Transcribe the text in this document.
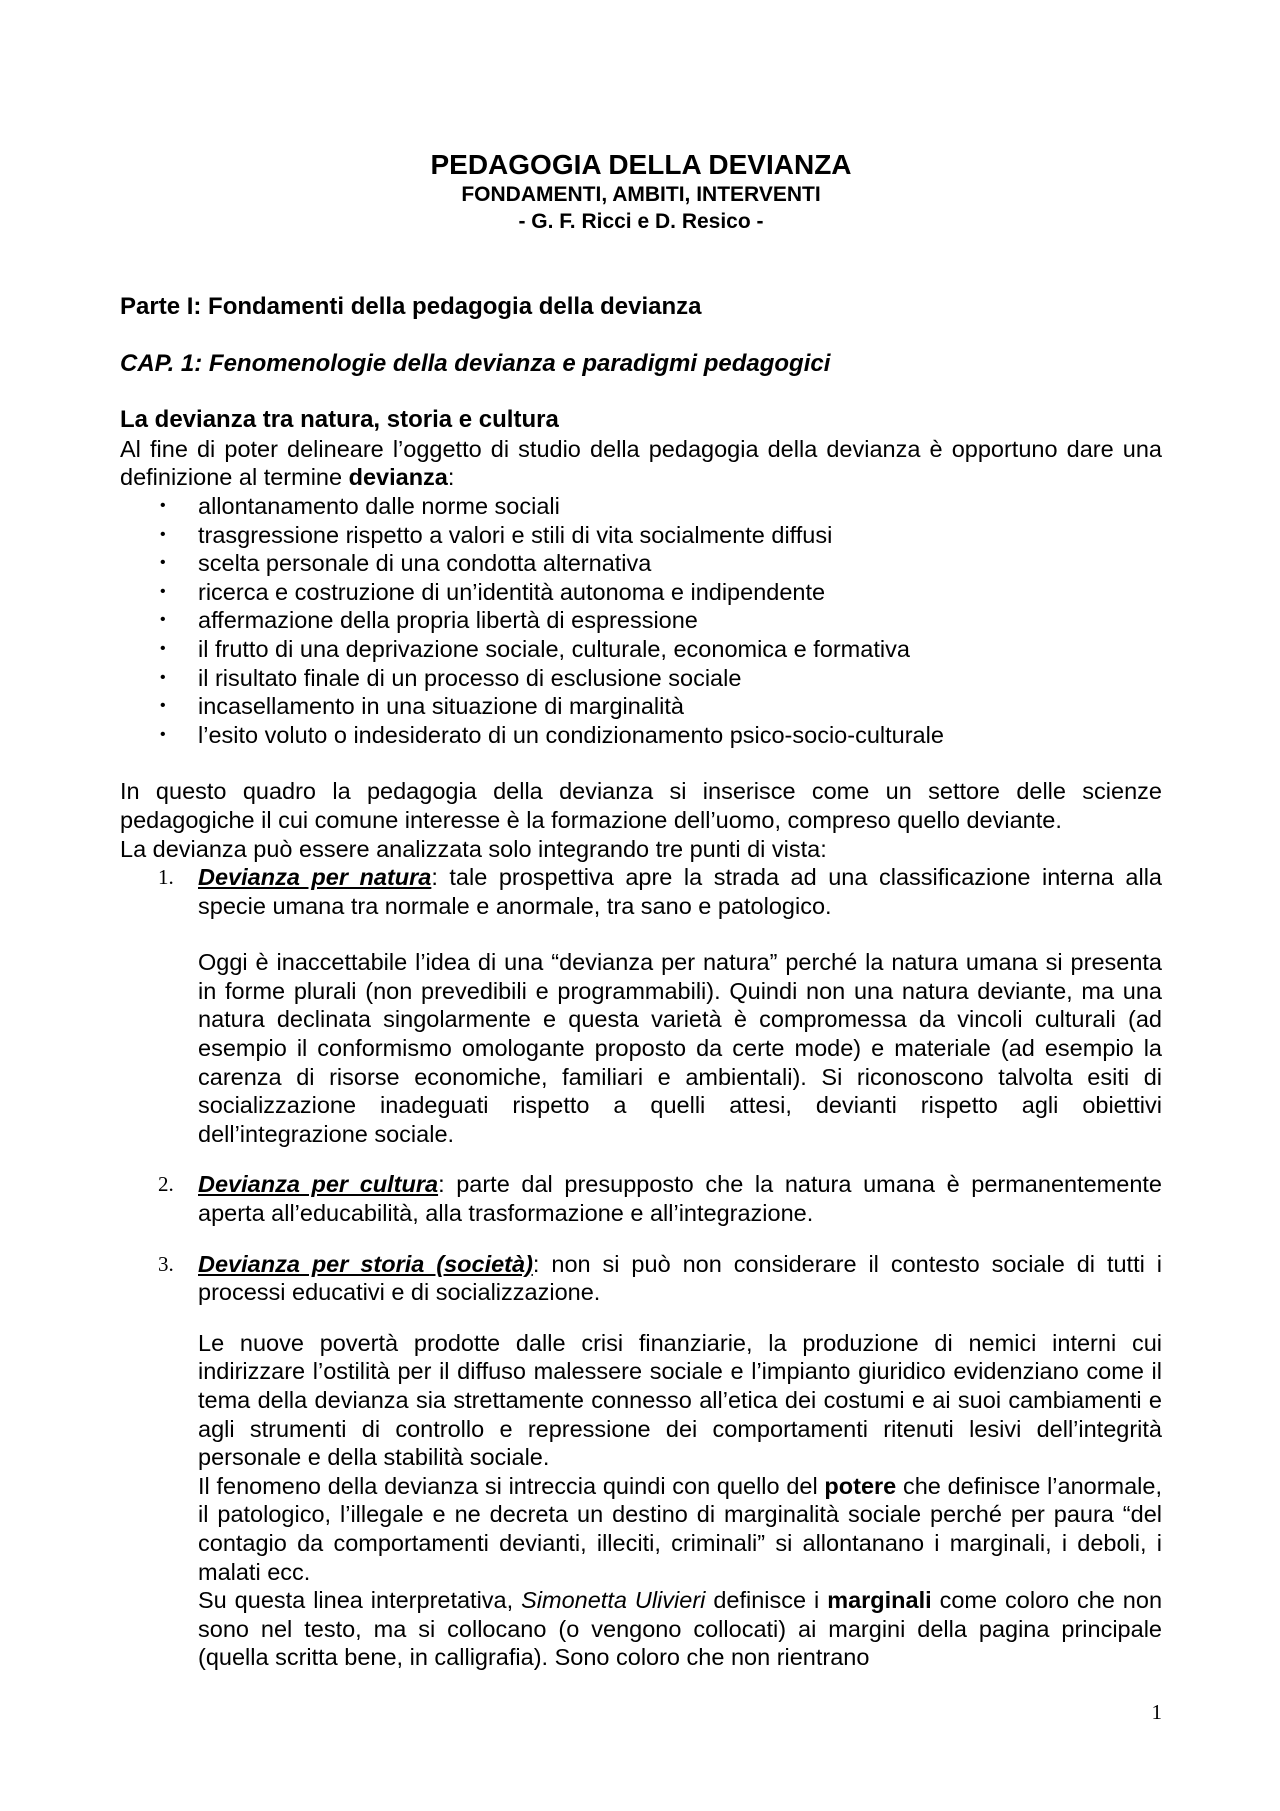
PEDAGOGIA DELLA DEVIANZA
FONDAMENTI, AMBITI, INTERVENTI
- G. F. Ricci e D. Resico -
Parte I: Fondamenti della pedagogia della devianza
CAP. 1: Fenomenologie della devianza e paradigmi pedagogici
La devianza tra natura, storia e cultura

Al fine di poter delineare l’oggetto di studio della pedagogia della devianza è opportuno dare una definizione al termine devianza:

• allontanamento dalle norme sociali
• trasgressione rispetto a valori e stili di vita socialmente diffusi
• scelta personale di una condotta alternativa
• ricerca e costruzione di un’identità autonoma e indipendente
• affermazione della propria libertà di espressione
• il frutto di una deprivazione sociale, culturale, economica e formativa
• il risultato finale di un processo di esclusione sociale
• incasellamento in una situazione di marginalità
• l’esito voluto o indesiderato di un condizionamento psico-socio-culturale

In questo quadro la pedagogia della devianza si inserisce come un settore delle scienze pedagogiche il cui comune interesse è la formazione dell’uomo, compreso quello deviante.

La devianza può essere analizzata solo integrando tre punti di vista:

1. Devianza per natura: tale prospettiva apre la strada ad una classificazione interna alla specie umana tra normale e anormale, tra sano e patologico.

Oggi è inaccettabile l’idea di una “devianza per natura” perché la natura umana si presenta in forme plurali (non prevedibili e programmabili). Quindi non una natura deviante, ma una natura declinata singolarmente e questa varietà è compromessa da vincoli culturali (ad esempio il conformismo omologante proposto da certe mode) e materiale (ad esempio la carenza di risorse economiche, familiari e ambientali). Si riconoscono talvolta esiti di socializzazione inadeguati rispetto a quelli attesi, devianti rispetto agli obiettivi dell’integrazione sociale.

2. Devianza per cultura: parte dal presupposto che la natura umana è permanentemente aperta all’educabilità, alla trasformazione e all’integrazione.
3. Devianza per storia (società): non si può non considerare il contesto sociale di tutti i processi educativi e di socializzazione.

Le nuove povertà prodotte dalle crisi finanziarie, la produzione di nemici interni cui indirizzare l’ostilità per il diffuso malessere sociale e l’impianto giuridico evidenziano come il tema della devianza sia strettamente connesso all’etica dei costumi e ai suoi cambiamenti e agli strumenti di controllo e repressione dei comportamenti ritenuti lesivi dell’integrità personale e della stabilità sociale.

Il fenomeno della devianza si intreccia quindi con quello del potere che definisce l’anormale, il patologico, l’illegale e ne decreta un destino di marginalità sociale perché per paura “del contagio da comportamenti devianti, illeciti, criminali” si allontanano i marginali, i deboli, i malati ecc.

Su questa linea interpretativa, Simonetta Ulivieri definisce i marginali come coloro che non sono nel testo, ma si collocano (o vengono collocati) ai margini della pagina principale (quella scritta bene, in calligrafia). Sono coloro che non rientrano

1
